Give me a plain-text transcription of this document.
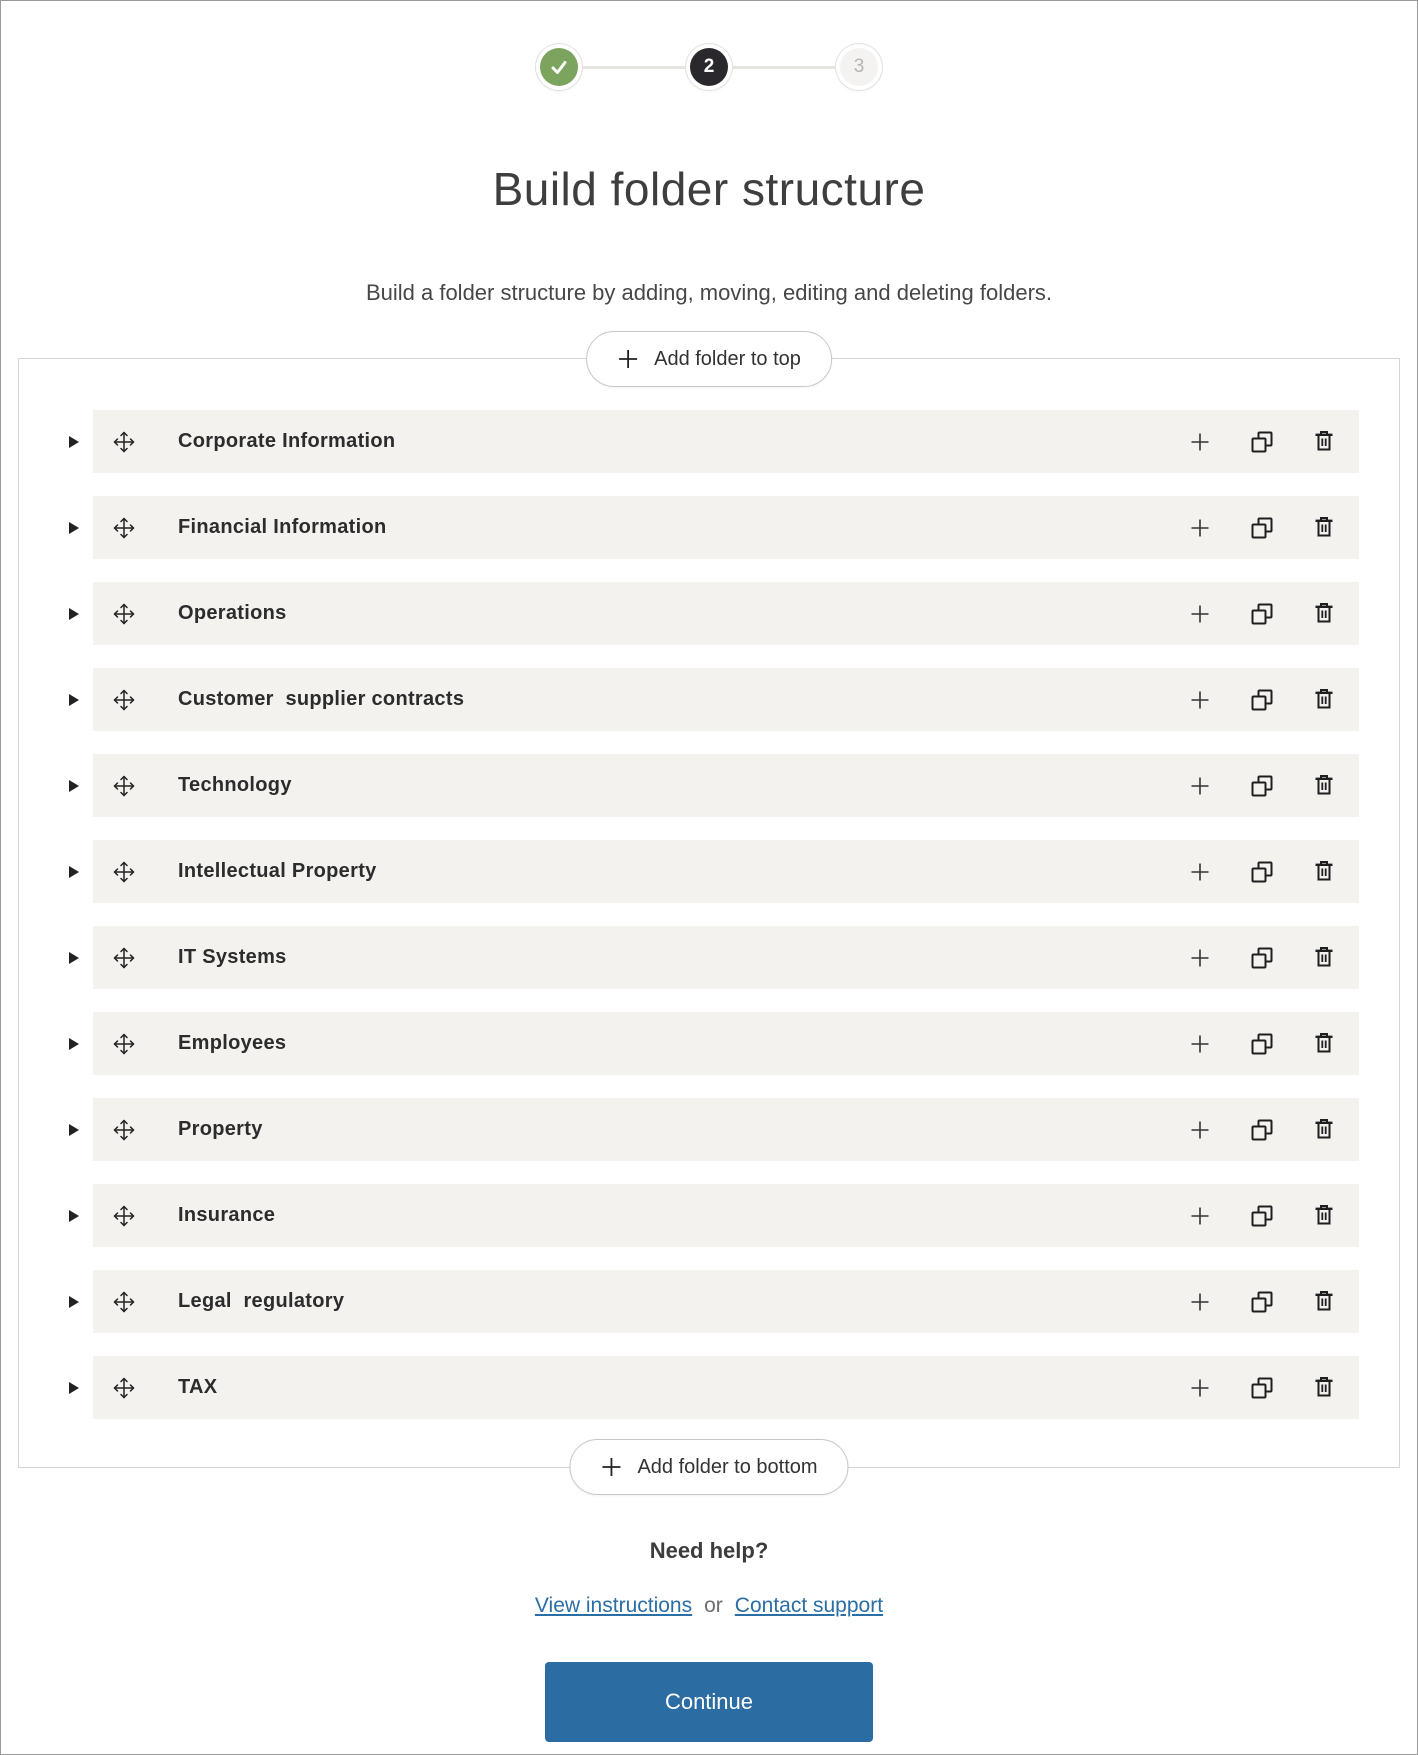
2	3
Build folder structure

Build a folder structure by adding, moving, editing and deleting folders.

Add folder to top
Corporate Information
Financial Information
Operations
Customer  supplier contracts
Technology
Intellectual Property
IT Systems
Employees
Property
Insurance
Legal  regulatory
TAX
Add folder to bottom
Need help?
View instructions or Contact support
Continue
